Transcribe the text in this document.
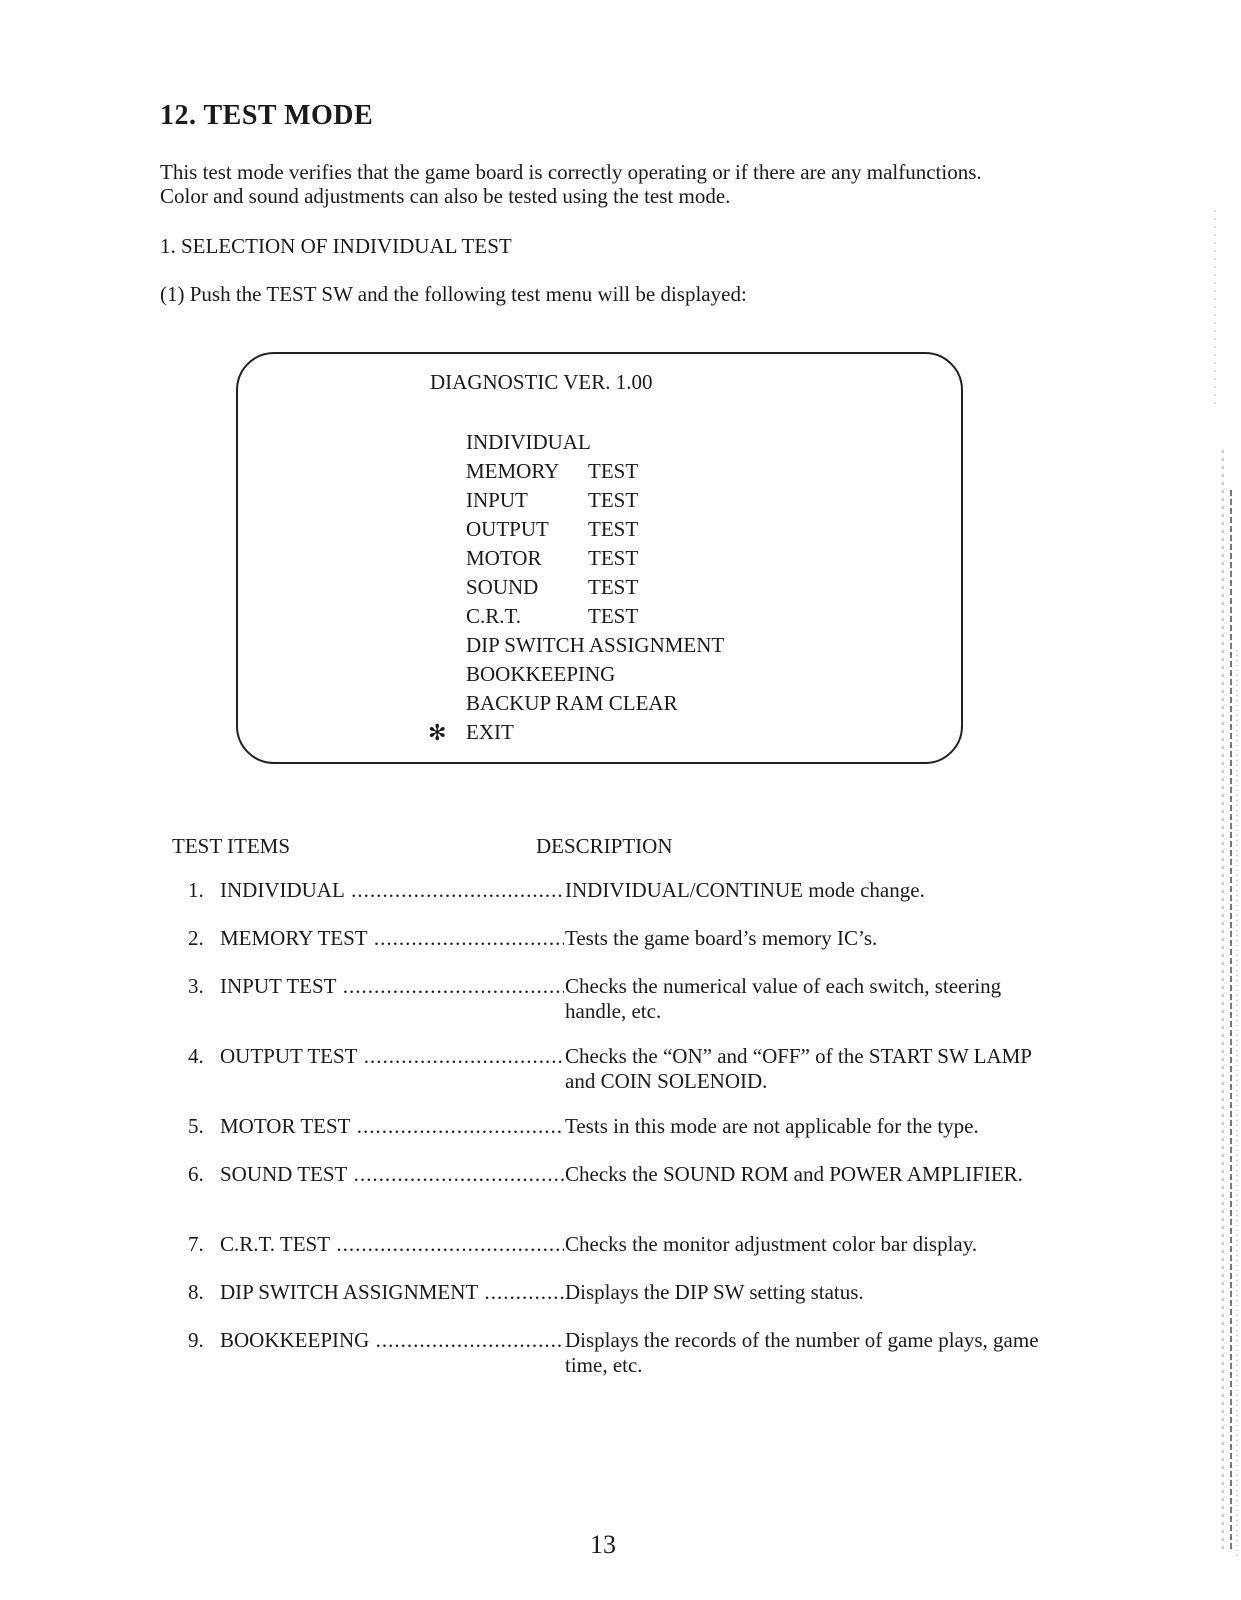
12. TEST MODE
This test mode verifies that the game board is correctly operating or if there are any malfunctions. Color and sound adjustments can also be tested using the test mode.
1. SELECTION OF INDIVIDUAL TEST
(1) Push the TEST SW and the following test menu will be displayed:
DIAGNOSTIC VER. 1.00
INDIVIDUAL
MEMORY	TEST
INPUT	TEST
OUTPUT	TEST
MOTOR	TEST
SOUND	TEST
C.R.T.	TEST
DIP SWITCH ASSIGNMENT
BOOKKEEPING
BACKUP RAM CLEAR
✻ EXIT
TEST ITEMS	DESCRIPTION
1. INDIVIDUAL .....	INDIVIDUAL/CONTINUE mode change.
2. MEMORY TEST .....	Tests the game board’s memory IC’s.
3. INPUT TEST .....	Checks the numerical value of each switch, steering handle, etc.
4. OUTPUT TEST .....	Checks the “ON” and “OFF” of the START SW LAMP and COIN SOLENOID.
5. MOTOR TEST .....	Tests in this mode are not applicable for the type.
6. SOUND TEST .....	Checks the SOUND ROM and POWER AMPLIFIER.
7. C.R.T. TEST .....	Checks the monitor adjustment color bar display.
8. DIP SWITCH ASSIGNMENT .....	Displays the DIP SW setting status.
9. BOOKKEEPING .....	Displays the records of the number of game plays, game time, etc.
13
